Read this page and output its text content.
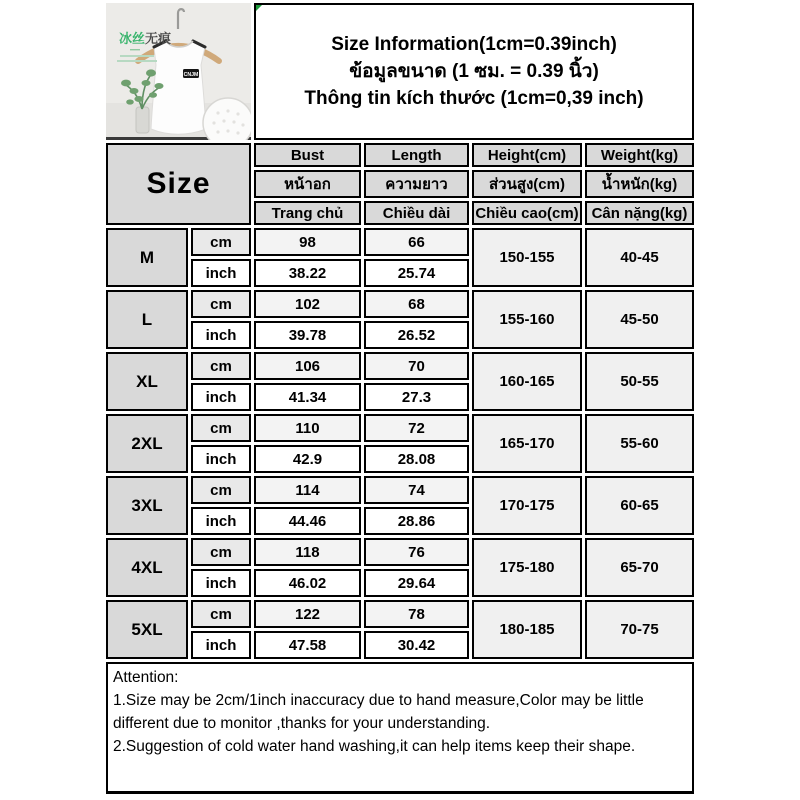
CNJM
冰丝无痕	Size Information(1cm=0.39inch)
ข้อมูลขนาด (1 ซม. = 0.39 นิ้ว)
Thông tin kích thước (1cm=0,39 inch)

Size		Bust	Length	Height(cm)	Weight(kg)
		หน้าอก	ความยาว	ส่วนสูง(cm)	น้ำหนัก(kg)
		Trang chủ	Chiều dài	Chiều cao(cm)	Cân nặng(kg)
M	cm	98	66	150-155	40-45
	inch	38.22	25.74		
L	cm	102	68	155-160	45-50
	inch	39.78	26.52		
XL	cm	106	70	160-165	50-55
	inch	41.34	27.3		
2XL	cm	110	72	165-170	55-60
	inch	42.9	28.08		
3XL	cm	114	74	170-175	60-65
	inch	44.46	28.86		
4XL	cm	118	76	175-180	65-70
	inch	46.02	29.64		
5XL	cm	122	78	180-185	70-75
	inch	47.58	30.42		

Attention:
1.Size may be 2cm/1inch inaccuracy due to hand measure,Color may be little different due to monitor ,thanks for your understanding.
2.Suggestion of cold water hand washing,it can help items keep their shape.					
